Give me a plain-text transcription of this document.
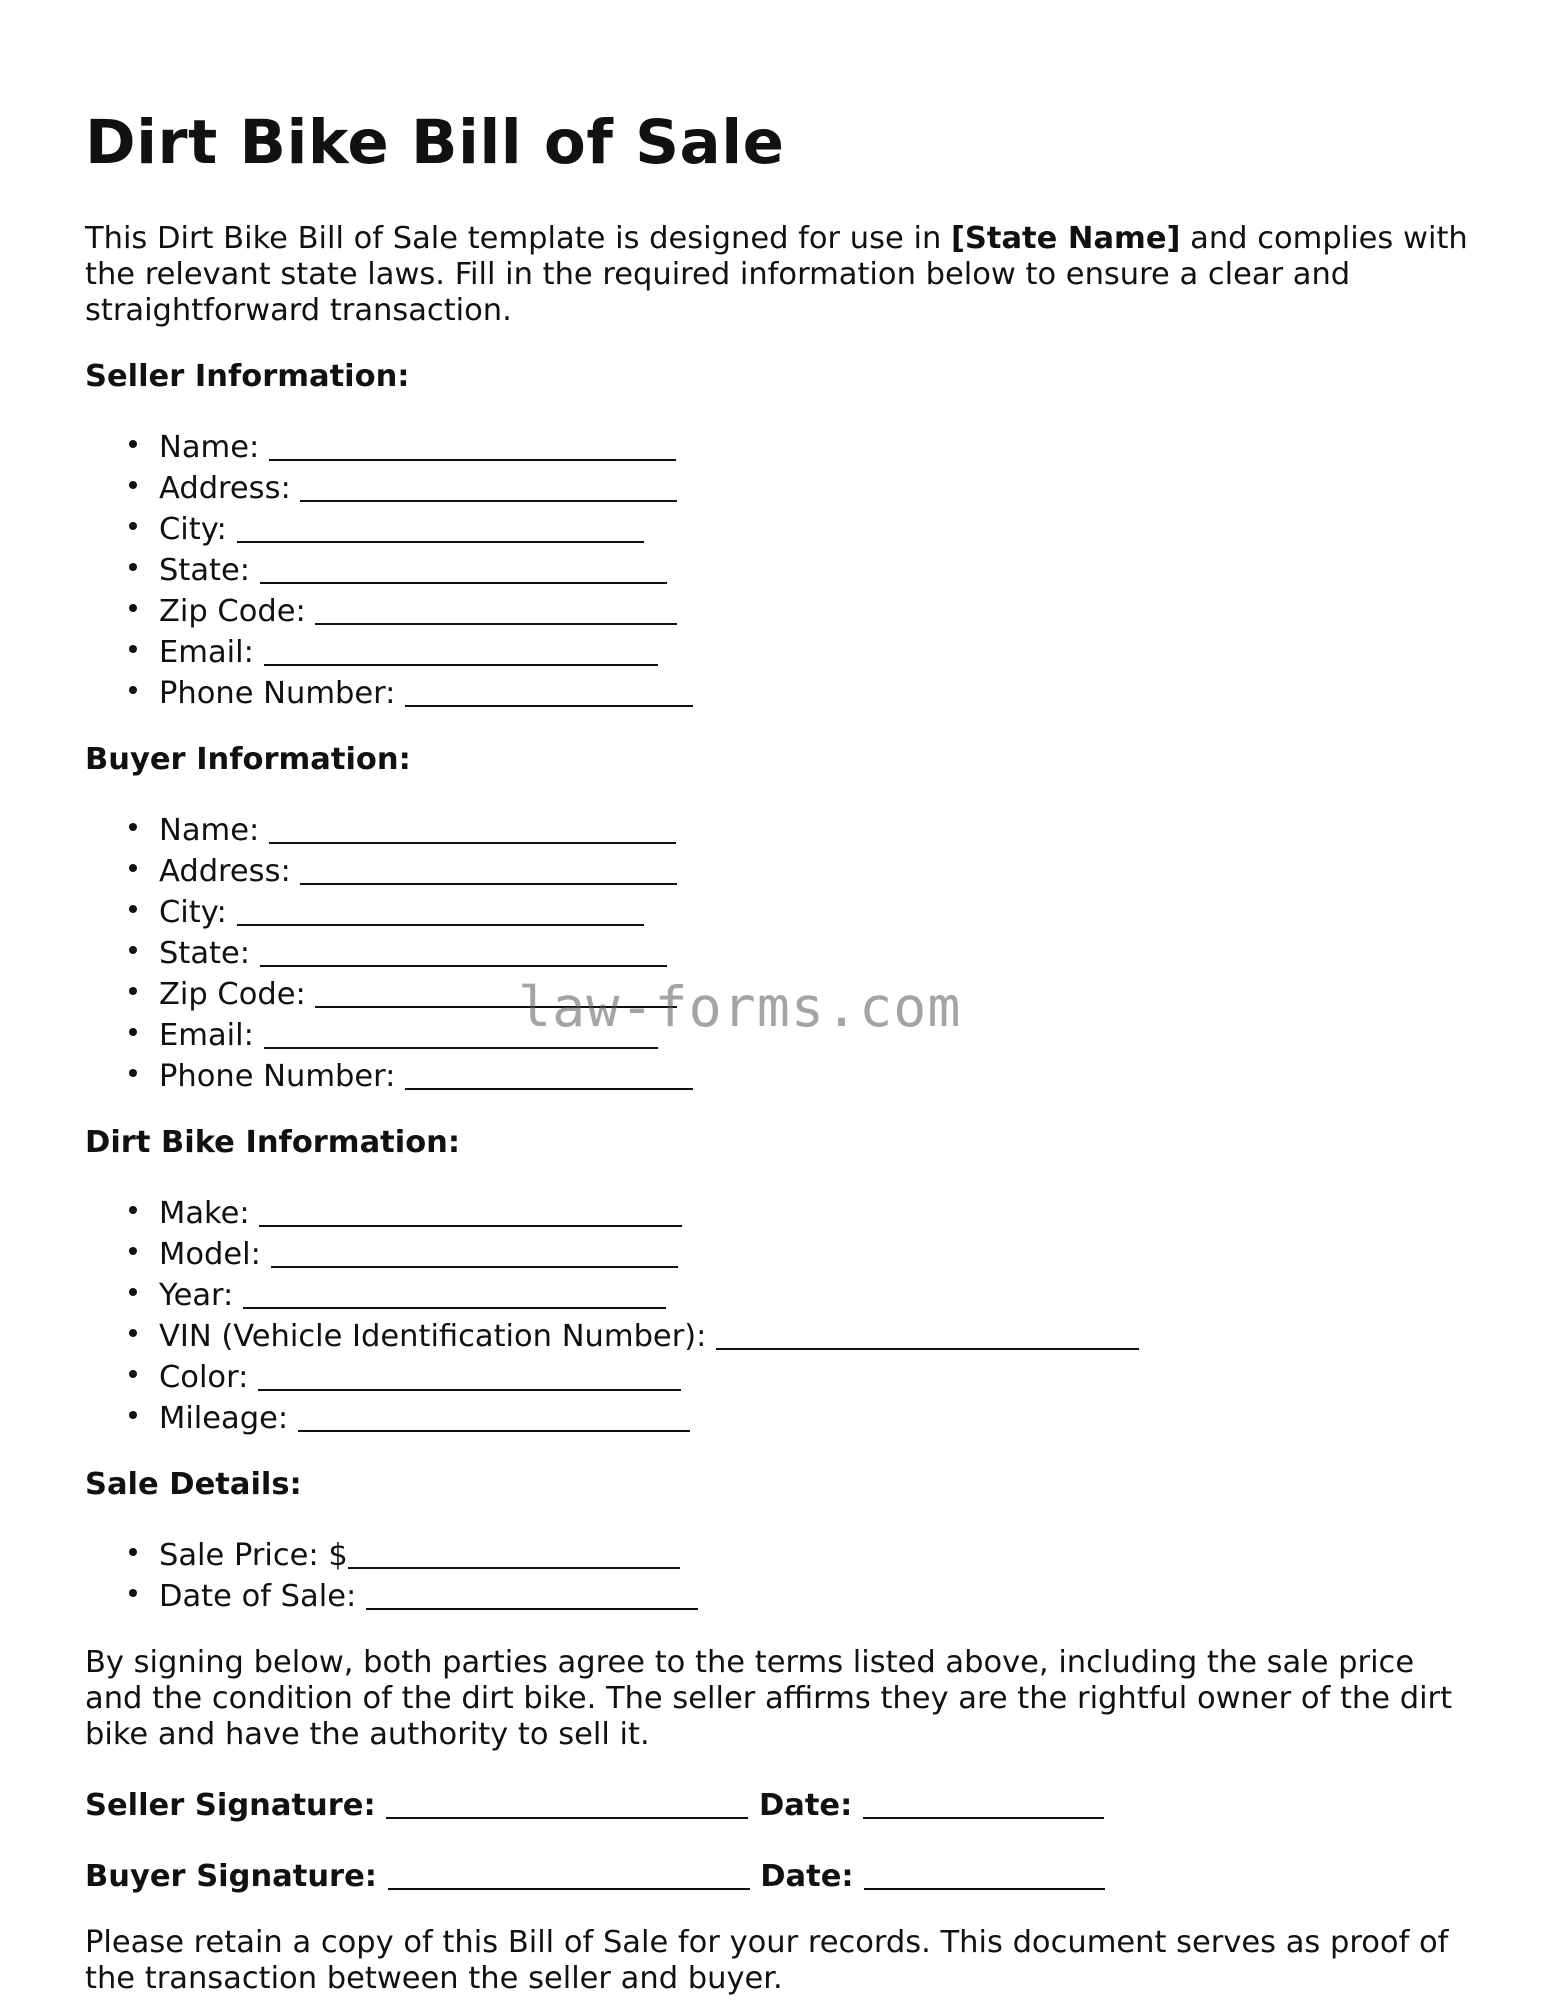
Dirt Bike Bill of Sale

This Dirt Bike Bill of Sale template is designed for use in [State Name] and complies with the relevant state laws. Fill in the required information below to ensure a clear and straightforward transaction.

Seller Information:
Name:
Address:
City:
State:
Zip Code:
Email:
Phone Number:
Buyer Information:
Name:
Address:
City:
State:
Zip Code:
Email:
Phone Number:
Dirt Bike Information:
Make:
Model:
Year:
VIN (Vehicle Identification Number):
Color:
Mileage:
Sale Details:
Sale Price: $
Date of Sale:

By signing below, both parties agree to the terms listed above, including the sale price and the condition of the dirt bike. The seller affirms they are the rightful owner of the dirt bike and have the authority to sell it.

Seller Signature:	Date:
Buyer Signature:	Date:

Please retain a copy of this Bill of Sale for your records. This document serves as proof of the transaction between the seller and buyer.

law-forms.com
